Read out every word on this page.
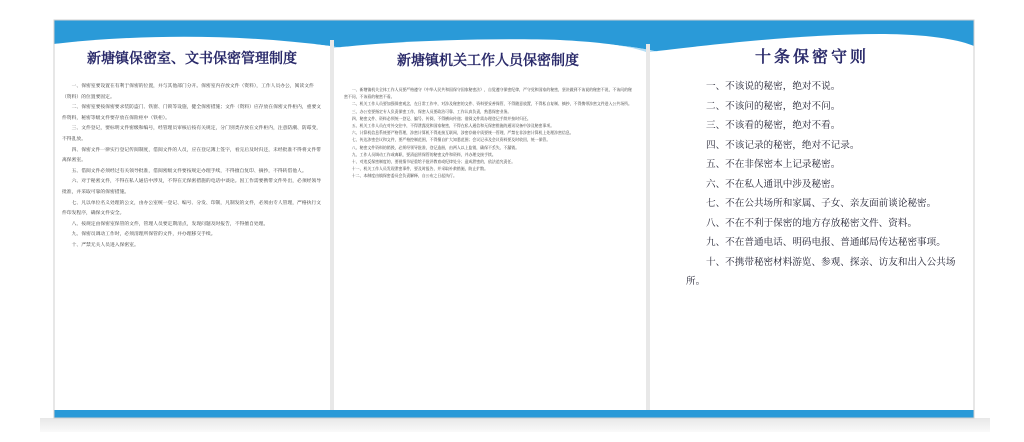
新塘镇保密室、文书保密管理制度
一、保密室要设置在有利于保密的位置，并与其他部门分开。保密室内存放文件（资料），工作人员办公，阅读文件（资料）的位置要固定。
二、保密室要按保密要求装防盗门、铁窗、门锁等设施，健全保密措施；文件（资料）应存放在保密文件柜内，重要文件资料，秘密等级文件要存放在保险柜中（铁柜）。
三、文件登记，要标明文件密级和编号，经管理员审核后按有关规定，分门别类存放在文件柜内，注意防潮、防霉变，不得乱放。
四、保密文件一律实行登记传阅制度，借阅文件的人员，应在登记簿上签字，看完后及时归还，未经批准不得将文件带离保密室。
五、借阅文件必须经过有关领导批准，借阅密级文件要按规定办理手续，不得擅自复印、摘抄，不得转借他人。
六、对于秘密文件，不得在私人通信中涉及，不得在无保密措施的电话中谈论。因工作需要携带文件外出，必须经领导批准，并采取可靠的保密措施。
七、凡以单位名义处理的公文，由办公室统一登记、编号、分发、印制，凡制发的文件，必须由专人管理，严格执行文件印发程序，确保文件安全。
八、按规定由保密室保管的文件，管理人员要定期清点，发现问题及时报告，不得擅自处理。
九、保密员调动工作时，必须清理所保管的文件，并办理移交手续。
十、严禁无关人员进入保密室。
新塘镇机关工作人员保密制度
一、新塘镇机关全体工作人员要严格遵守《中华人民共和国保守国家秘密法》，自觉遵守保密纪律，严守党和国家的秘密，坚决做到不该说的秘密不说，不该问的秘密不问，不该看的秘密不看。
二、机关工作人员要加强保密观念，在日常工作中，对涉及秘密的文件、资料要妥善保管，不得随意放置，不得私自复制、摘抄，不得携带涉密文件进入公共场所。
三、办公室要指定专人负责保密工作，保密人员要政治可靠、工作认真负责，熟悉保密业务。
四、秘密文件、资料必须统一登记、编号、传阅，不得横向传递；借阅文件需办理登记手续并按时归还。
五、机关工作人员在对外交往中，不得泄露党和国家秘密，不得在私人通信和无保密措施的通讯设备中涉及秘密事项。
六、计算机信息系统要严格管理，涉密计算机不得连接互联网，涉密存储介质要统一管理，严禁在非涉密计算机上处理涉密信息。
七、传达涉密会议和文件，要严格控制范围，不得擅自扩大知悉范围；会议记录及会议资料要及时收回，统一保管。
八、秘密文件资料的销毁，必须经领导批准，登记造册，由两人以上监销，确保不丢失、不漏销。
九、工作人员调动工作或离职，要清退所保管的秘密文件和资料，并办理交接手续。
十、对违反保密制度的，要视情节轻重给予批评教育或纪律处分；造成泄密的，依法追究责任。
十一、机关工作人员发现泄密事件，要及时报告，并采取补救措施，防止扩散。
十二、本制度由镇保密委员会负责解释，自公布之日起执行。
十条保密守则
一、不该说的秘密，绝对不说。
二、不该问的秘密，绝对不问。
三、不该看的秘密，绝对不看。
四、不该记录的秘密，绝对不记录。
五、不在非保密本上记录秘密。
六、不在私人通讯中涉及秘密。
七、不在公共场所和家属、子女、亲友面前谈论秘密。
八、不在不利于保密的地方存放秘密文件、资料。
九、不在普通电话、明码电报、普通邮局传达秘密事项。
十、不携带秘密材料游览、参观、探亲、访友和出入公共场所。
